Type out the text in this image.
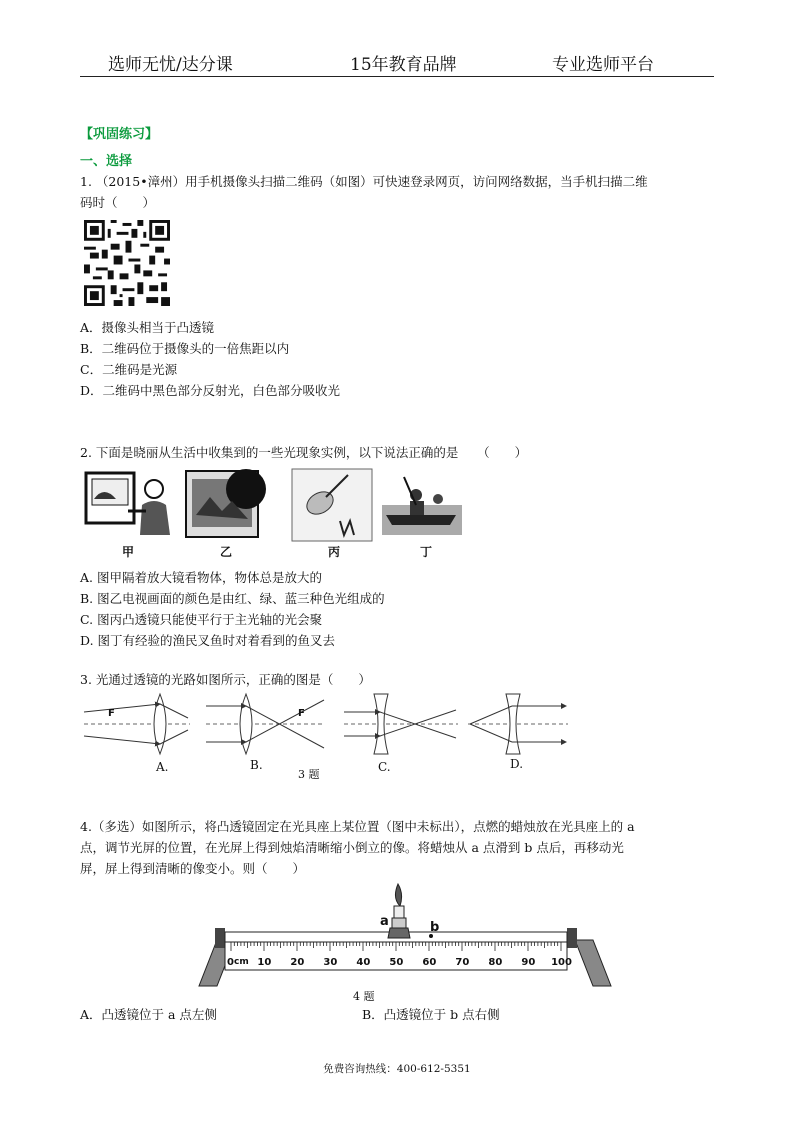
选师无忧/达分课	15年教育品牌	专业选师平台
【巩固练习】
一、选择
1. （2015•漳州）用手机摄像头扫描二维码（如图）可快速登录网页，访问网络数据，当手机扫描二维
码时（　　）
A．摄像头相当于凸透镜
B．二维码位于摄像头的一倍焦距以内
C．二维码是光源
D．二维码中黑色部分反射光，白色部分吸收光
2. 下面是晓丽从生活中收集到的一些光现象实例，以下说法正确的是　　（　　）
甲	乙	丙	丁
A. 图甲隔着放大镜看物体，物体总是放大的
B. 图乙电视画面的颜色是由红、绿、蓝三种色光组成的
C. 图丙凸透镜只能使平行于主光轴的光会聚
D. 图丁有经验的渔民叉鱼时对着看到的鱼叉去
3. 光通过透镜的光路如图所示，正确的图是（　　）
F	F
A.	B.
3 题
C.	D.
4.（多选）如图所示，将凸透镜固定在光具座上某位置（图中未标出），点燃的蜡烛放在光具座上的 a
点，调节光屏的位置，在光屏上得到烛焰清晰缩小倒立的像。将蜡烛从 a 点滑到 b 点后，再移动光
屏，屏上得到清晰的像变小。则（　　）
a	b
cm 10 20 30 40 50 60 70 80 90 100
0
4 题
A．凸透镜位于 a 点左侧	B．凸透镜位于 b 点右侧
免费咨询热线：400-612-5351
